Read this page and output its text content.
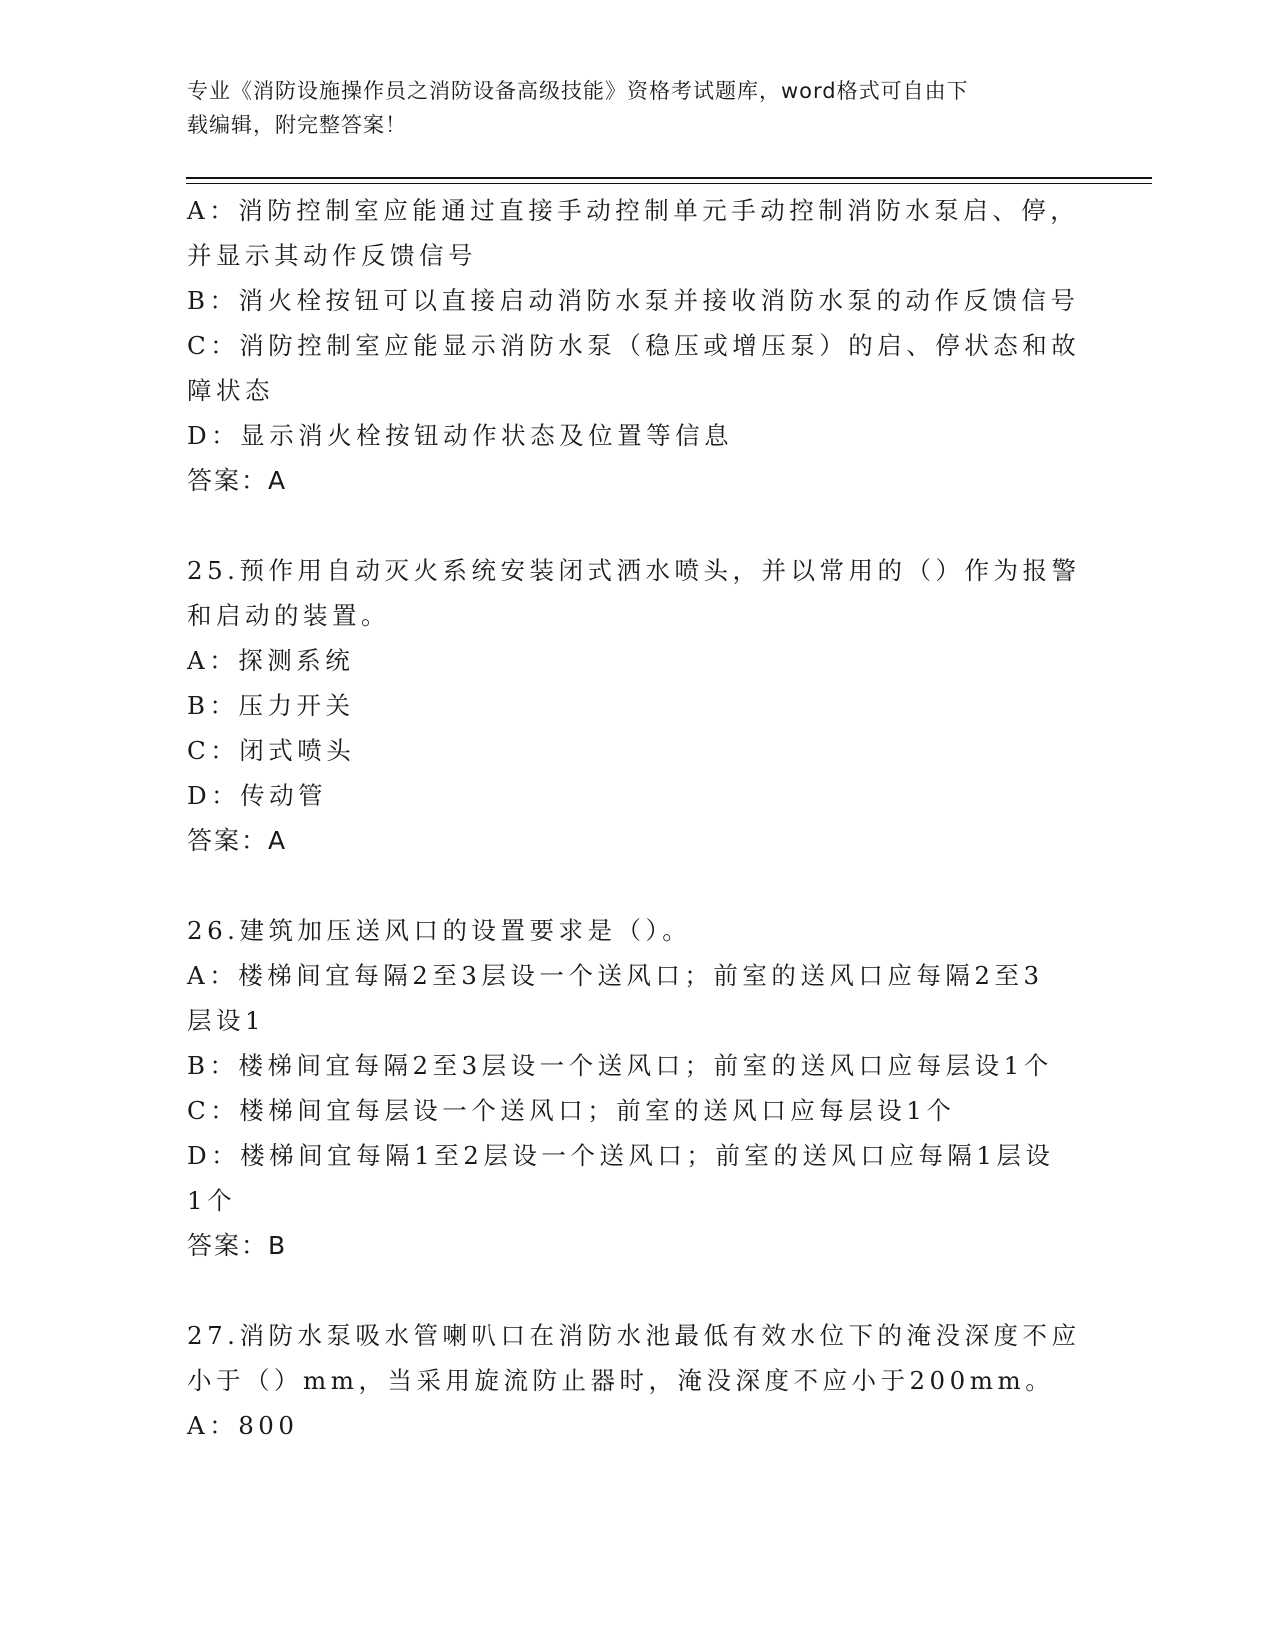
专业《消防设施操作员之消防设备高级技能》资格考试题库，word格式可自由下
载编辑，附完整答案！
A：消防控制室应能通过直接手动控制单元手动控制消防水泵启、停，
并显示其动作反馈信号
B：消火栓按钮可以直接启动消防水泵并接收消防水泵的动作反馈信号
C：消防控制室应能显示消防水泵（稳压或增压泵）的启、停状态和故
障状态
D：显示消火栓按钮动作状态及位置等信息
答案：A
25.预作用自动灭火系统安装闭式洒水喷头，并以常用的（）作为报警
和启动的装置。
A：探测系统
B：压力开关
C：闭式喷头
D：传动管
答案：A
26.建筑加压送风口的设置要求是（）。
A：楼梯间宜每隔2至3层设一个送风口；前室的送风口应每隔2至3
层设1
B：楼梯间宜每隔2至3层设一个送风口；前室的送风口应每层设1个
C：楼梯间宜每层设一个送风口；前室的送风口应每层设1个
D：楼梯间宜每隔1至2层设一个送风口；前室的送风口应每隔1层设
1个
答案：B
27.消防水泵吸水管喇叭口在消防水池最低有效水位下的淹没深度不应
小于（）mm，当采用旋流防止器时，淹没深度不应小于200mm。
A：800
